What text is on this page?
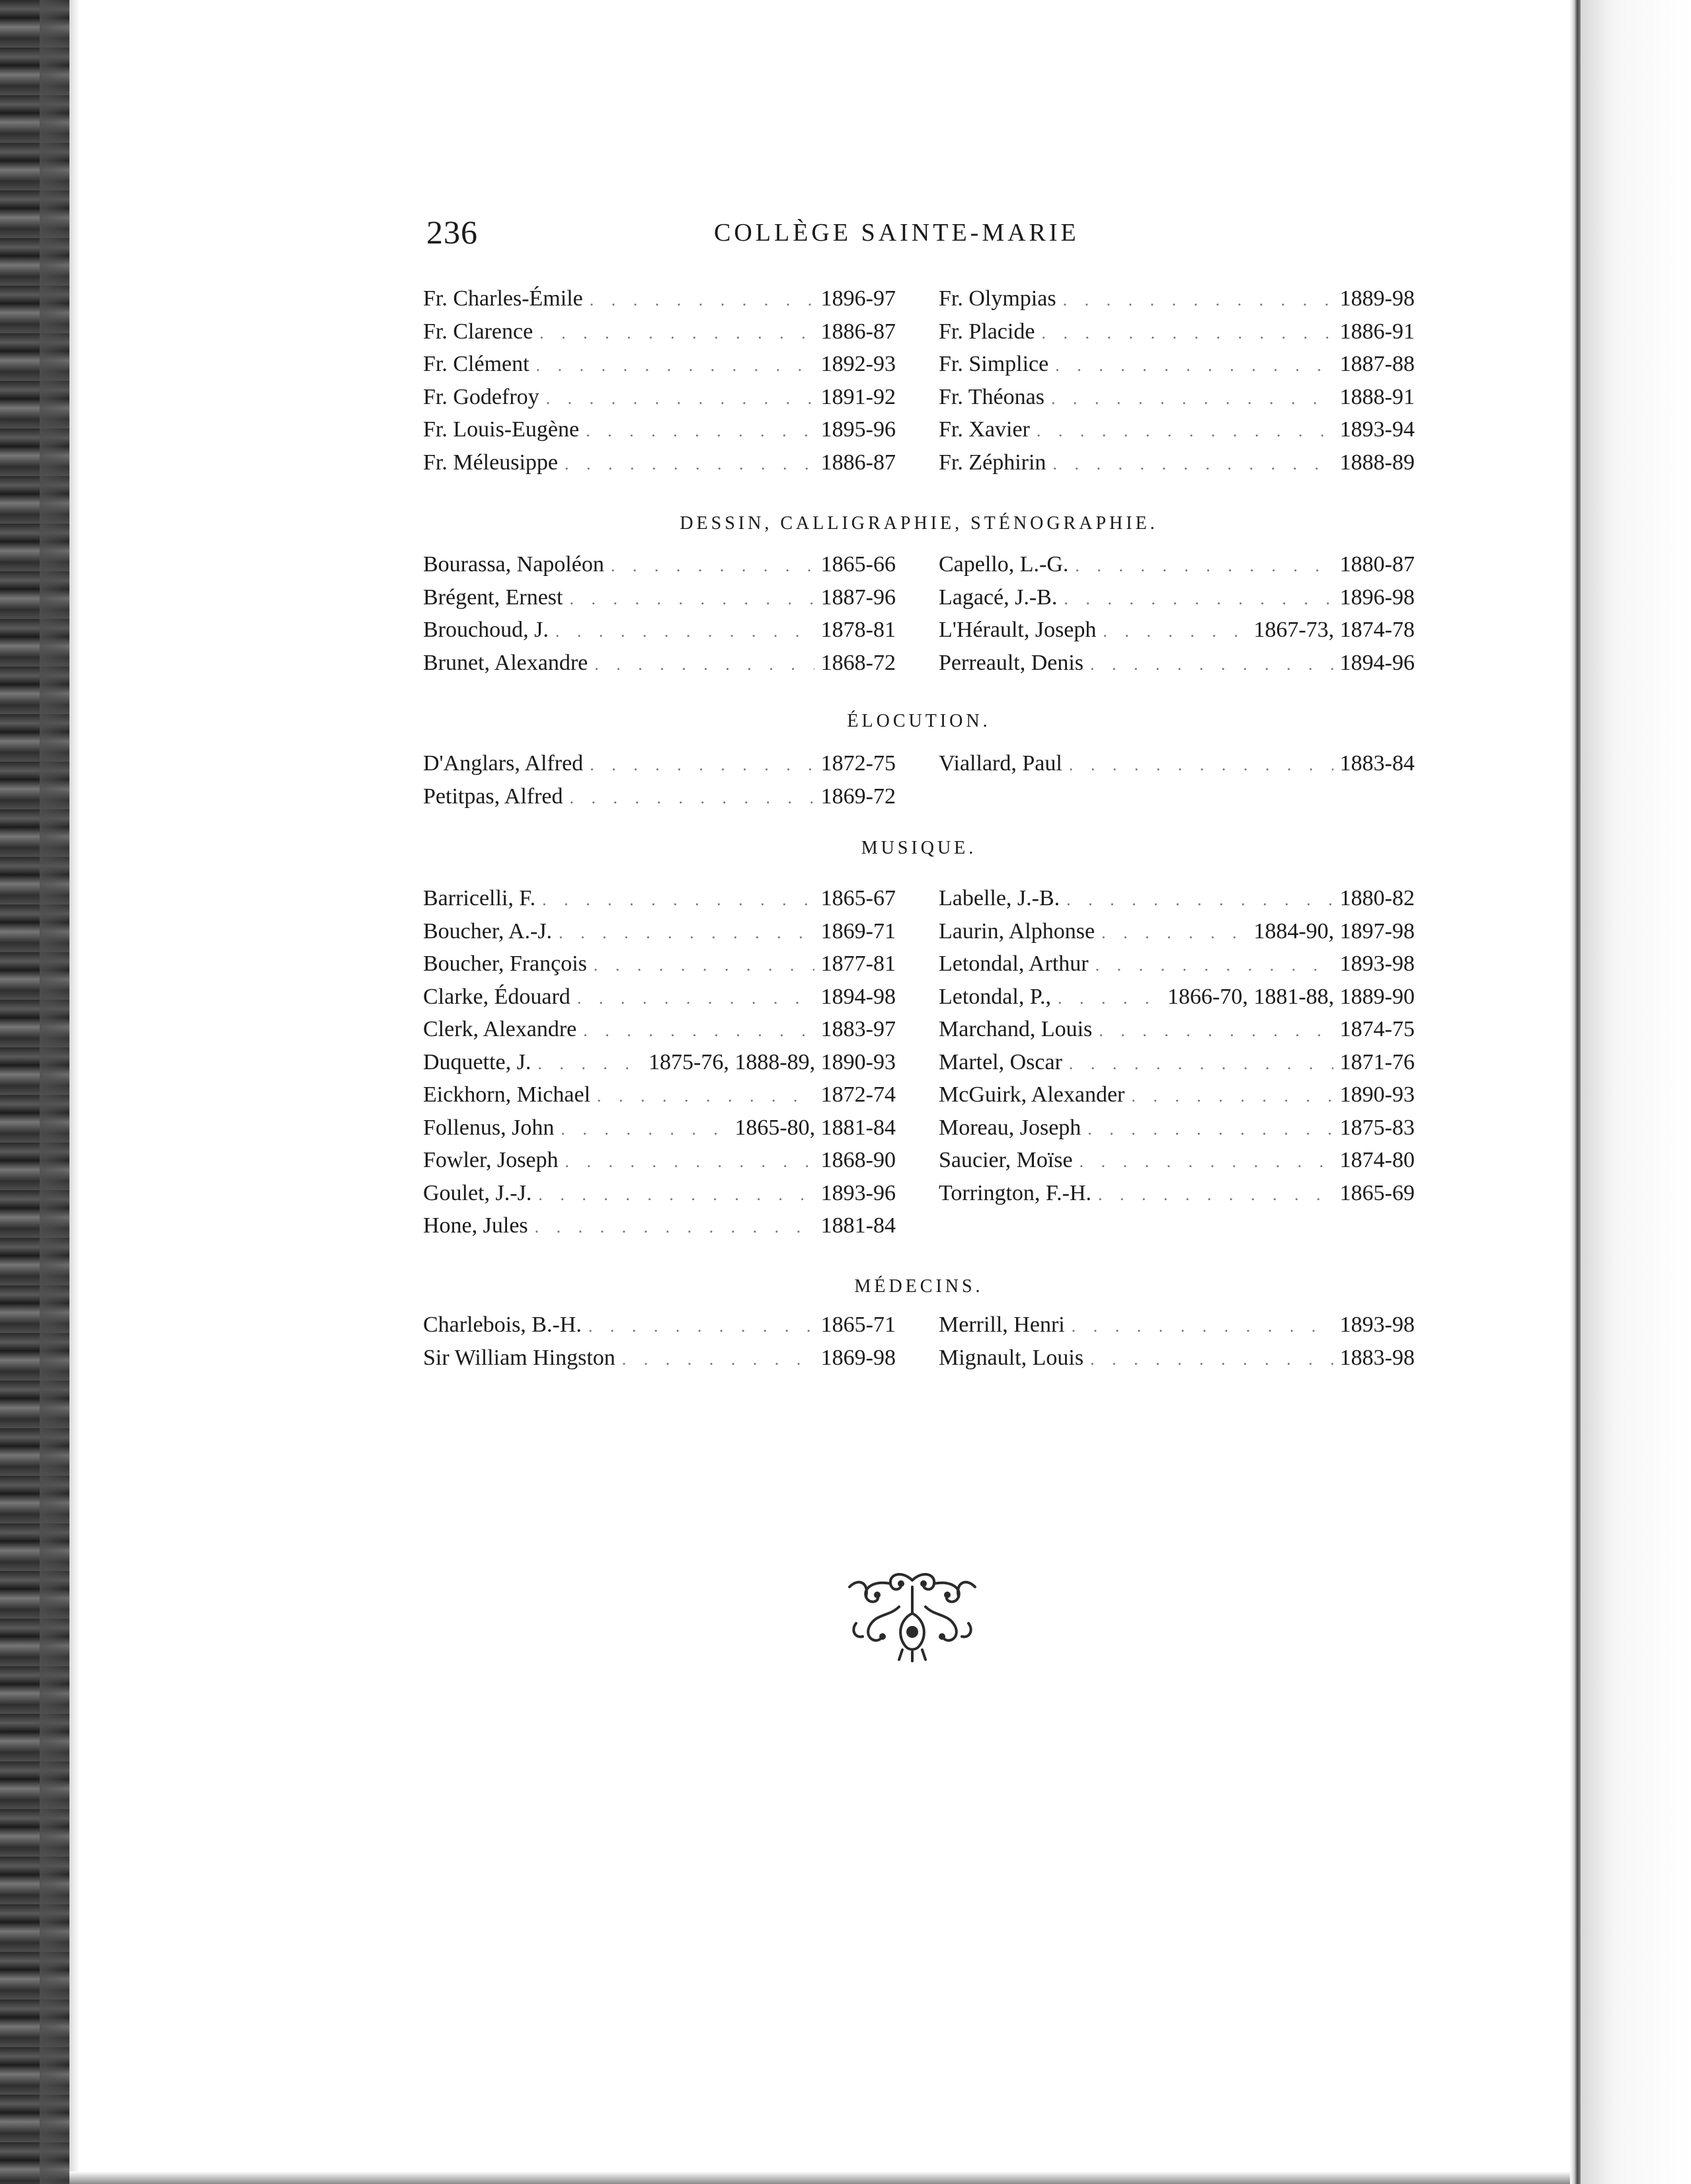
236	COLLÈGE SAINTE-MARIE
Fr. Charles-Émile . . .	1896-97
Fr. Clarence . . .	1886-87
Fr. Clément . . .	1892-93
Fr. Godefroy . . .	1891-92
Fr. Louis-Eugène . . .	1895-96
Fr. Méleusippe . . .	1886-87
Fr. Olympias . . .	1889-98
Fr. Placide . . .	1886-91
Fr. Simplice . . .	1887-88
Fr. Théonas . . .	1888-91
Fr. Xavier . . .	1893-94
Fr. Zéphirin . . .	1888-89
DESSIN, CALLIGRAPHIE, STÉNOGRAPHIE.
Bourassa, Napoléon . . .	1865-66
Brégent, Ernest . . .	1887-96
Brouchoud, J. . . .	1878-81
Brunet, Alexandre . . .	1868-72
Capello, L.-G. . . .	1880-87
Lagacé, J.-B. . . .	1896-98
L'Hérault, Joseph . . .	1867-73, 1874-78
Perreault, Denis . . .	1894-96
ÉLOCUTION.
D'Anglars, Alfred . . .	1872-75
Petitpas, Alfred . . .	1869-72
Viallard, Paul . . .	1883-84
MUSIQUE.
Barricelli, F. . . .	1865-67
Boucher, A.-J. . . .	1869-71
Boucher, François . . .	1877-81
Clarke, Édouard . . .	1894-98
Clerk, Alexandre . . .	1883-97
Duquette, J. . . .	1875-76, 1888-89, 1890-93
Eickhorn, Michael . . .	1872-74
Follenus, John . . .	1865-80, 1881-84
Fowler, Joseph . . .	1868-90
Goulet, J.-J. . . .	1893-96
Hone, Jules . . .	1881-84
Labelle, J.-B. . . .	1880-82
Laurin, Alphonse . . .	1884-90, 1897-98
Letondal, Arthur . . .	1893-98
Letondal, P., . . .	1866-70, 1881-88, 1889-90
Marchand, Louis . . .	1874-75
Martel, Oscar . . .	1871-76
McGuirk, Alexander . . .	1890-93
Moreau, Joseph . . .	1875-83
Saucier, Moïse . . .	1874-80
Torrington, F.-H. . . .	1865-69
MÉDECINS.
Charlebois, B.-H. . . .	1865-71
Sir William Hingston . . .	1869-98
Merrill, Henri . . .	1893-98
Mignault, Louis . . .	1883-98
